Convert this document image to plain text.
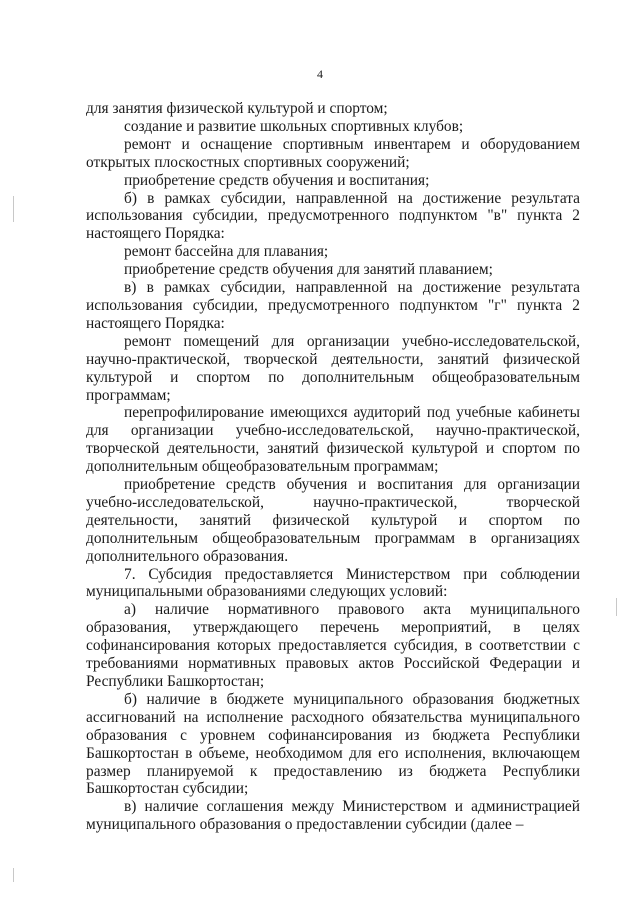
4

для занятия физической культурой и спортом;

создание и развитие школьных спортивных клубов;

ремонт и оснащение спортивным инвентарем и оборудованием открытых плоскостных спортивных сооружений;

приобретение средств обучения и воспитания;

б) в рамках субсидии, направленной на достижение результата использования субсидии, предусмотренного подпунктом "в" пункта 2 настоящего Порядка:

ремонт бассейна для плавания;

приобретение средств обучения для занятий плаванием;

в) в рамках субсидии, направленной на достижение результата использования субсидии, предусмотренного подпунктом "г" пункта 2 настоящего Порядка:

ремонт помещений для организации учебно-исследовательской, научно-практической, творческой деятельности, занятий физической культурой и спортом по дополнительным общеобразовательным программам;

перепрофилирование имеющихся аудиторий под учебные кабинеты для организации учебно-исследовательской, научно-практической, творческой деятельности, занятий физической культурой и спортом по дополнительным общеобразовательным программам;

приобретение средств обучения и воспитания для организации учебно-исследовательской, научно-практической, творческой деятельности, занятий физической культурой и спортом по дополнительным общеобразовательным программам в организациях дополнительного образования.

7. Субсидия предоставляется Министерством при соблюдении муниципальными образованиями следующих условий:

а) наличие нормативного правового акта муниципального образования, утверждающего перечень мероприятий, в целях софинансирования которых предоставляется субсидия, в соответствии с требованиями нормативных правовых актов Российской Федерации и Республики Башкортостан;

б) наличие в бюджете муниципального образования бюджетных ассигнований на исполнение расходного обязательства муниципального образования с уровнем софинансирования из бюджета Республики Башкортостан в объеме, необходимом для его исполнения, включающем размер планируемой к предоставлению из бюджета Республики Башкортостан субсидии;

в) наличие соглашения между Министерством и администрацией муниципального образования о предоставлении субсидии (далее –
